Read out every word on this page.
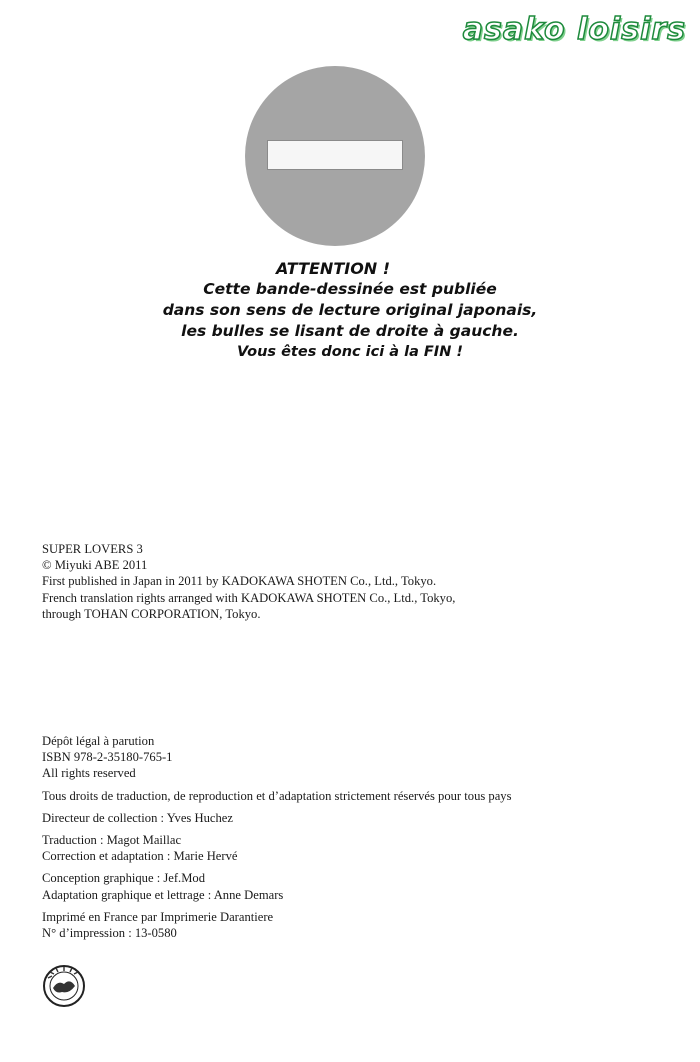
asako loisirs
ATTENTION !
Cette bande-dessinée est publiée
dans son sens de lecture original japonais,
les bulles se lisant de droite à gauche.
Vous êtes donc ici à la FIN !
SUPER LOVERS 3
© Miyuki ABE 2011
First published in Japan in 2011 by KADOKAWA SHOTEN Co., Ltd., Tokyo.
French translation rights arranged with KADOKAWA SHOTEN Co., Ltd., Tokyo,
through TOHAN CORPORATION, Tokyo.
Dépôt légal à parution
ISBN 978-2-35180-765-1
All rights reserved
Tous droits de traduction, de reproduction et d’adaptation strictement réservés pour tous pays
Directeur de collection : Yves Huchez
Traduction : Magot Maillac
Correction et adaptation : Marie Hervé
Conception graphique : Jef.Mod
Adaptation graphique et lettrage : Anne Demars
Imprimé en France par Imprimerie Darantiere
N° d’impression : 13-0580
